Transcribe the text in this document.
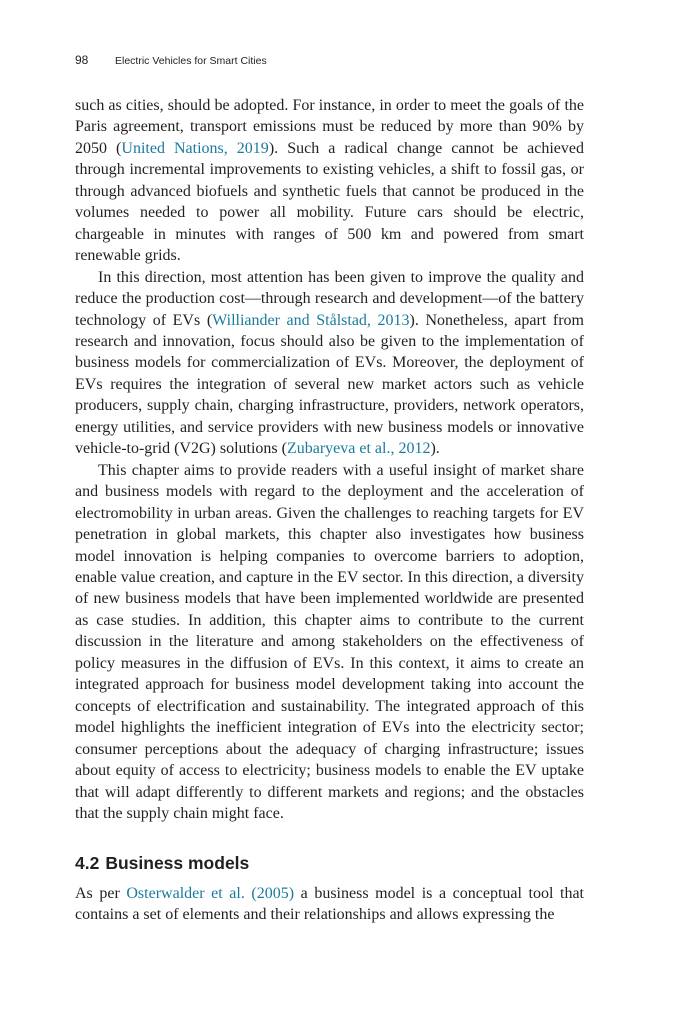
98	Electric Vehicles for Smart Cities

such as cities, should be adopted. For instance, in order to meet the goals of the Paris agreement, transport emissions must be reduced by more than 90% by 2050 (United Nations, 2019). Such a radical change cannot be achieved through incremental improvements to existing vehicles, a shift to fossil gas, or through advanced biofuels and synthetic fuels that cannot be produced in the volumes needed to power all mobility. Future cars should be electric, chargeable in minutes with ranges of 500 km and powered from smart renewable grids.

In this direction, most attention has been given to improve the quality and reduce the production cost—through research and development—of the battery technology of EVs (Williander and Stålstad, 2013). Nonetheless, apart from research and innovation, focus should also be given to the implementation of business models for commercialization of EVs. Moreover, the deployment of EVs requires the integration of several new market actors such as vehicle producers, supply chain, charging infrastructure, providers, network operators, energy utilities, and service providers with new business models or innovative vehicle-to-grid (V2G) solutions (Zubaryeva et al., 2012).

This chapter aims to provide readers with a useful insight of market share and business models with regard to the deployment and the acceleration of electromobility in urban areas. Given the challenges to reaching targets for EV penetration in global markets, this chapter also investigates how business model innovation is helping companies to overcome barriers to adoption, enable value creation, and capture in the EV sector. In this direction, a diversity of new business models that have been implemented worldwide are presented as case studies. In addition, this chapter aims to contribute to the current discussion in the literature and among stakeholders on the effectiveness of policy measures in the diffusion of EVs. In this context, it aims to create an integrated approach for business model development taking into account the concepts of electrification and sustainability. The integrated approach of this model highlights the inefficient integration of EVs into the electricity sector; consumer perceptions about the adequacy of charging infrastructure; issues about equity of access to electricity; business models to enable the EV uptake that will adapt differently to different markets and regions; and the obstacles that the supply chain might face.

4.2 Business models

As per Osterwalder et al. (2005) a business model is a conceptual tool that contains a set of elements and their relationships and allows expressing the
